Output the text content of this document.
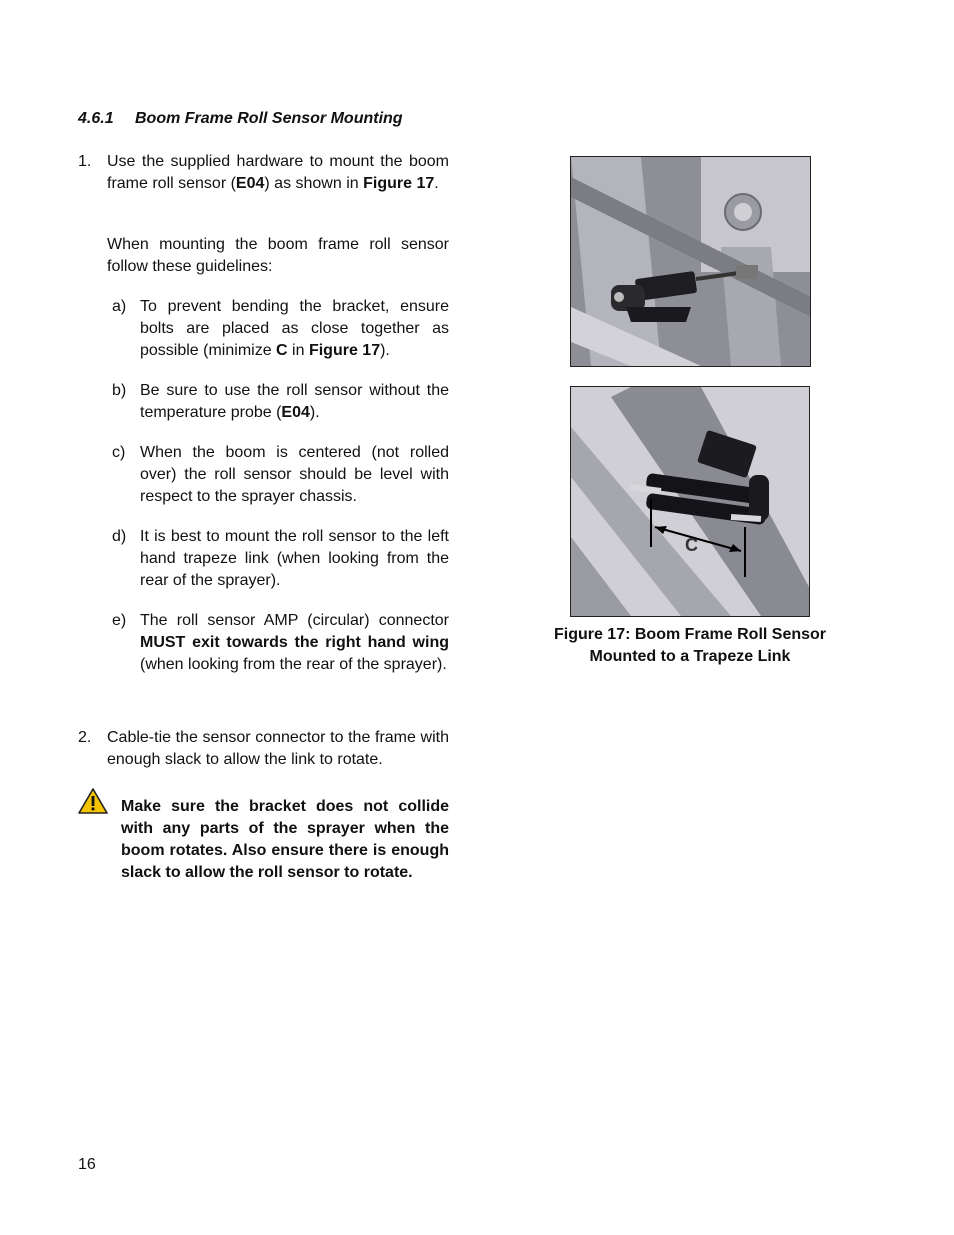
4.6.1 Boom Frame Roll Sensor Mounting
1. Use the supplied hardware to mount the boom frame roll sensor (E04) as shown in Figure 17.
When mounting the boom frame roll sensor follow these guidelines:
a) To prevent bending the bracket, ensure bolts are placed as close together as possible (minimize C in Figure 17).
b) Be sure to use the roll sensor without the temperature probe (E04).
c) When the boom is centered (not rolled over) the roll sensor should be level with respect to the sprayer chassis.
d) It is best to mount the roll sensor to the left hand trapeze link (when looking from the rear of the sprayer).
e) The roll sensor AMP (circular) connector MUST exit towards the right hand wing (when looking from the rear of the sprayer).
2. Cable-tie the sensor connector to the frame with enough slack to allow the link to rotate.
Make sure the bracket does not collide with any parts of the sprayer when the boom rotates. Also ensure there is enough slack to allow the roll sensor to rotate.
C
Figure 17: Boom Frame Roll Sensor
Mounted to a Trapeze Link
16
